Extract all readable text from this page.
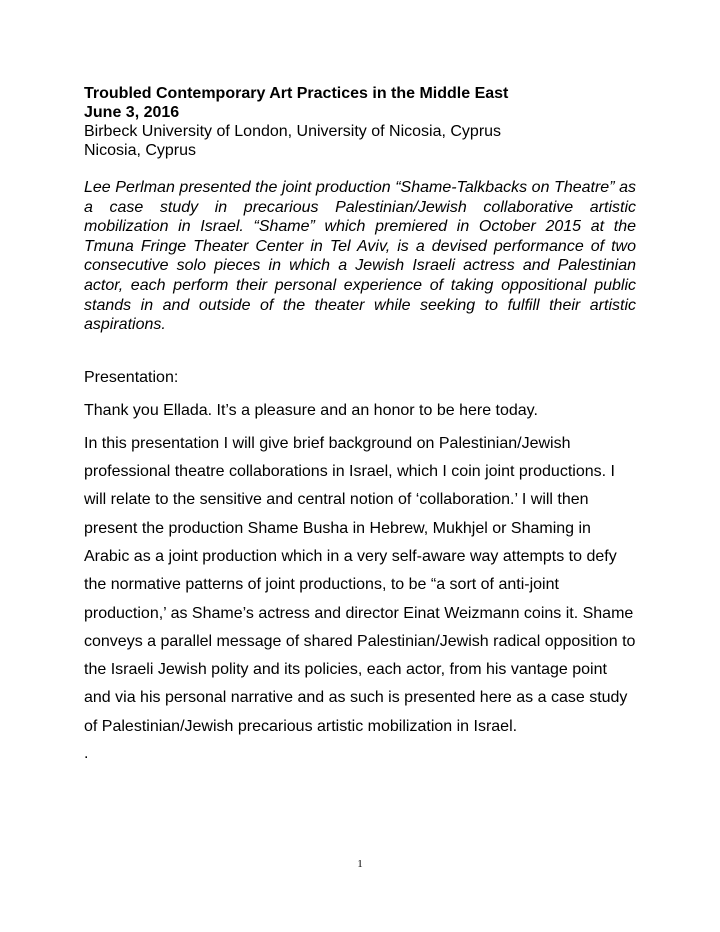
Troubled Contemporary Art Practices in the Middle East

June 3, 2016

Birbeck University of London, University of Nicosia, Cyprus

Nicosia, Cyprus

Lee Perlman presented the joint production “Shame-Talkbacks on Theatre” as a case study in precarious Palestinian/Jewish collaborative artistic mobilization in Israel. “Shame” which premiered in October 2015 at the Tmuna Fringe Theater Center in Tel Aviv, is a devised performance of two consecutive solo pieces in which a Jewish Israeli actress and Palestinian actor, each perform their personal experience of taking oppositional public stands in and outside of the theater while seeking to fulfill their artistic aspirations.

Presentation:

Thank you Ellada. It’s a pleasure and an honor to be here today.

In this presentation I will give brief background on Palestinian/Jewish professional theatre collaborations in Israel, which I coin joint productions. I will relate to the sensitive and central notion of ‘collaboration.’ I will then present the production Shame Busha in Hebrew, Mukhjel or Shaming in Arabic as a joint production which in a very self-aware way attempts to defy the normative patterns of joint productions, to be “a sort of anti-joint production,’ as Shame’s actress and director Einat Weizmann coins it. Shame conveys a parallel message of shared Palestinian/Jewish radical opposition to the Israeli Jewish polity and its policies, each actor, from his vantage point and via his personal narrative and as such is presented here as a case study of Palestinian/Jewish precarious artistic mobilization in Israel.

.

1
